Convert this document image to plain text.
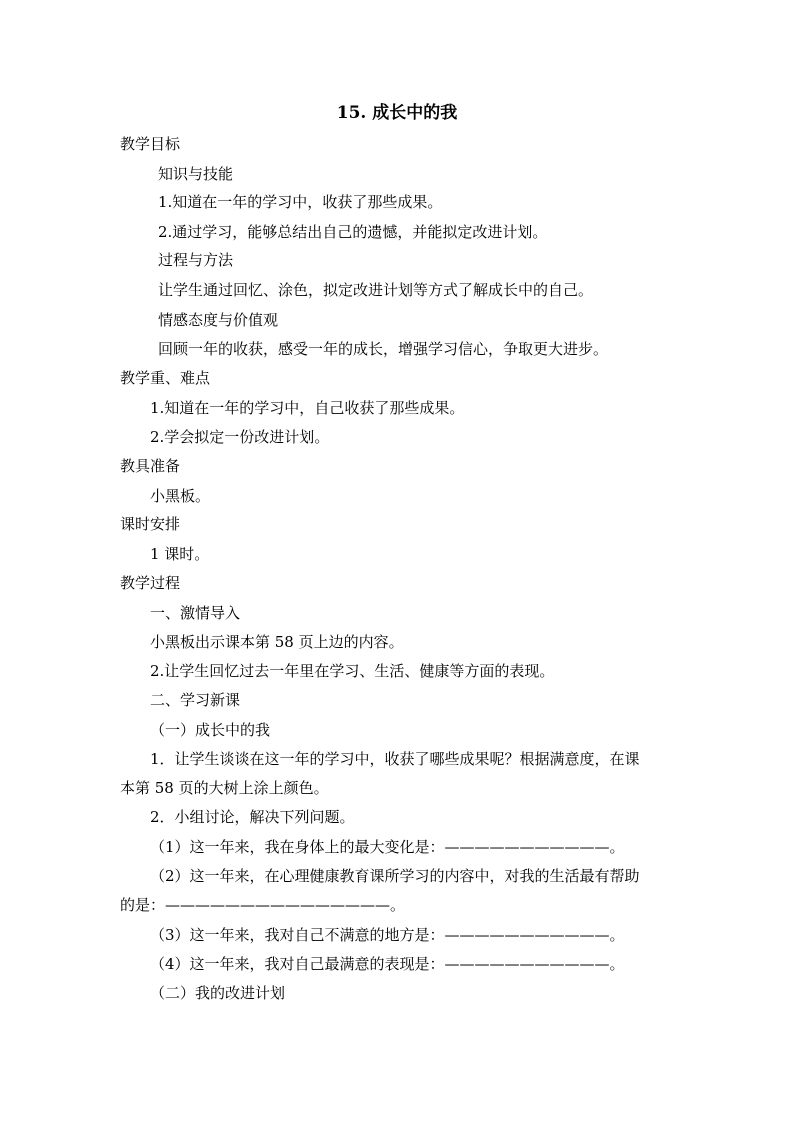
15. 成长中的我
教学目标
知识与技能
1.知道在一年的学习中，收获了那些成果。
2.通过学习，能够总结出自己的遗憾，并能拟定改进计划。
过程与方法
让学生通过回忆、涂色，拟定改进计划等方式了解成长中的自己。
情感态度与价值观
回顾一年的收获，感受一年的成长，增强学习信心，争取更大进步。
教学重、难点
1.知道在一年的学习中，自己收获了那些成果。
2.学会拟定一份改进计划。
教具准备
小黑板。
课时安排
1 课时。
教学过程
一、激情导入
小黑板出示课本第 58 页上边的内容。
2.让学生回忆过去一年里在学习、生活、健康等方面的表现。
二、学习新课
（一）成长中的我
1．让学生谈谈在这一年的学习中，收获了哪些成果呢？根据满意度，在课
本第 58 页的大树上涂上颜色。
2．小组讨论，解决下列问题。
（1）这一年来，我在身体上的最大变化是：———————————。
（2）这一年来，在心理健康教育课所学习的内容中，对我的生活最有帮助
的是：———————————————。
（3）这一年来，我对自己不满意的地方是：———————————。
（4）这一年来，我对自己最满意的表现是：———————————。
（二）我的改进计划
